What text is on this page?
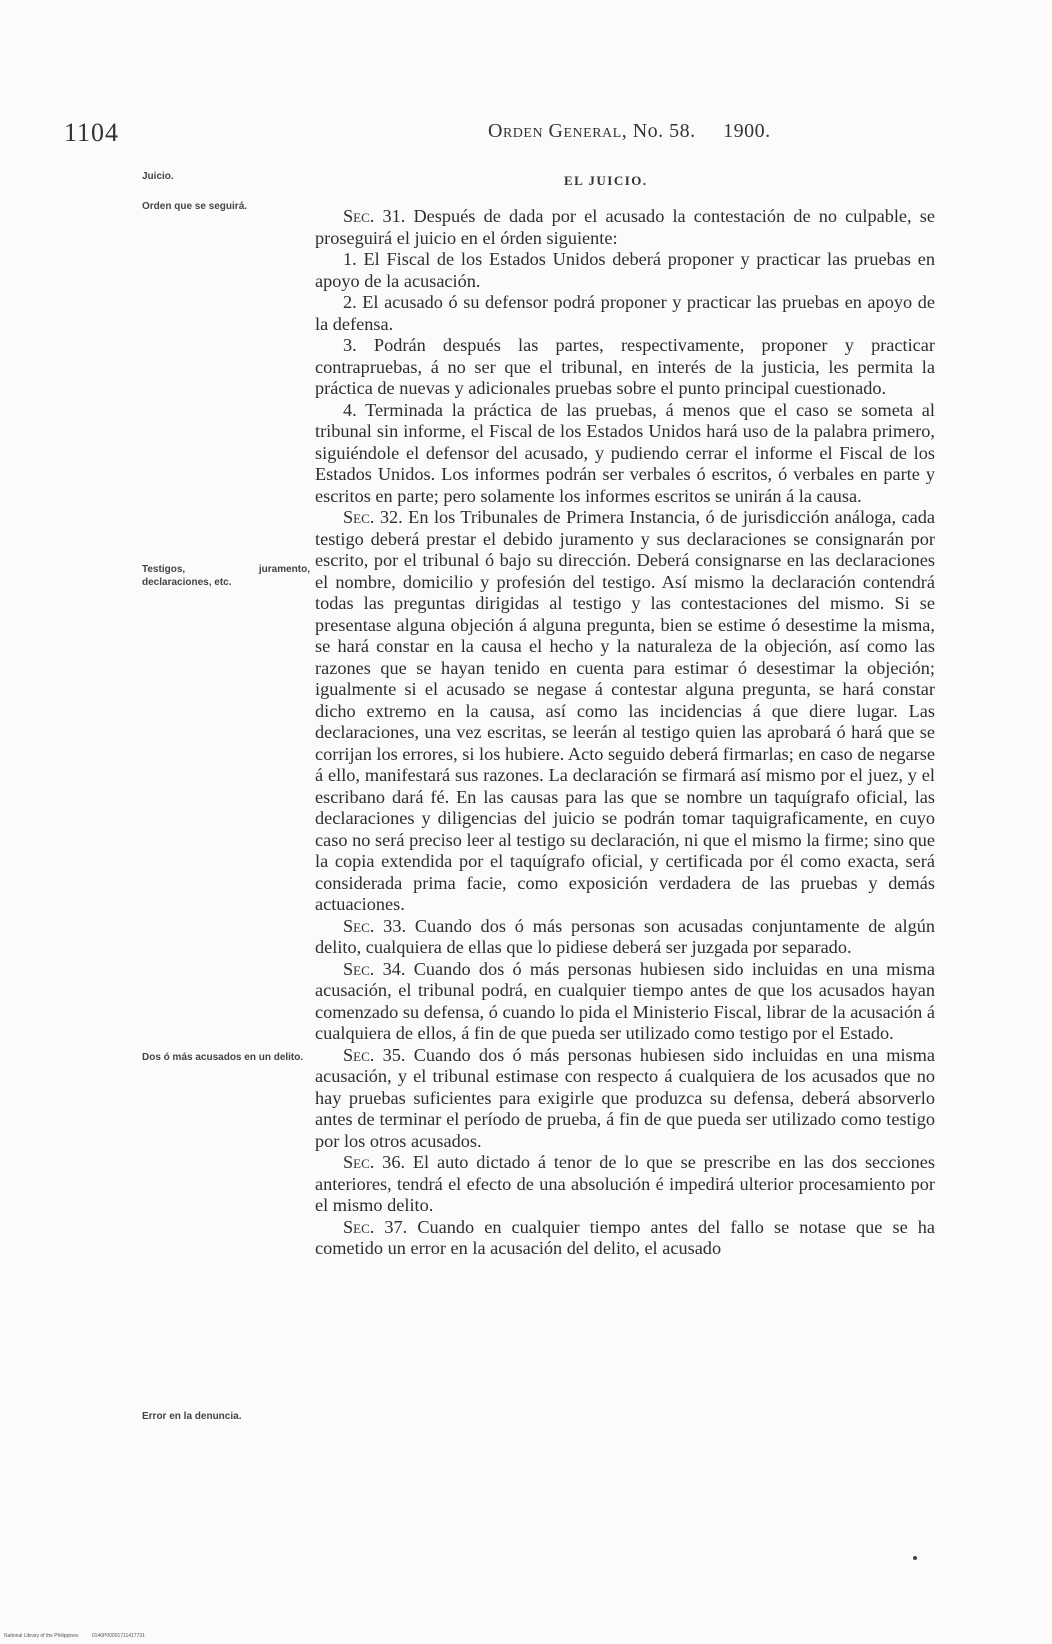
1104	Orden General, No. 58. 1900.
EL JUICIO.
Juicio.
Orden que se seguirá.
Testigos, juramento, declaraciones, etc.
Dos ó más acusados en un delito.
Error en la denuncia.

Sec. 31. Después de dada por el acusado la contestación de no culpable, se proseguirá el juicio en el órden siguiente:

1. El Fiscal de los Estados Unidos deberá proponer y practicar las pruebas en apoyo de la acusación.

2. El acusado ó su defensor podrá proponer y practicar las pruebas en apoyo de la defensa.

3. Podrán después las partes, respectivamente, proponer y practicar contrapruebas, á no ser que el tribunal, en interés de la justicia, les permita la práctica de nuevas y adicionales pruebas sobre el punto principal cuestionado.

4. Terminada la práctica de las pruebas, á menos que el caso se someta al tribunal sin informe, el Fiscal de los Estados Unidos hará uso de la palabra primero, siguiéndole el defensor del acusado, y pudiendo cerrar el informe el Fiscal de los Estados Unidos. Los informes podrán ser verbales ó escritos, ó verbales en parte y escritos en parte; pero solamente los informes escritos se unirán á la causa.

Sec. 32. En los Tribunales de Primera Instancia, ó de jurisdicción análoga, cada testigo deberá prestar el debido juramento y sus declaraciones se consignarán por escrito, por el tribunal ó bajo su dirección. Deberá consignarse en las declaraciones el nombre, domicilio y profesión del testigo. Así mismo la declaración contendrá todas las preguntas dirigidas al testigo y las contestaciones del mismo. Si se presentase alguna objeción á alguna pregunta, bien se estime ó desestime la misma, se hará constar en la causa el hecho y la naturaleza de la objeción, así como las razones que se hayan tenido en cuenta para estimar ó desestimar la objeción; igualmente si el acusado se negase á contestar alguna pregunta, se hará constar dicho extremo en la causa, así como las incidencias á que diere lugar. Las declaraciones, una vez escritas, se leerán al testigo quien las aprobará ó hará que se corrijan los errores, si los hubiere. Acto seguido deberá firmarlas; en caso de negarse á ello, manifestará sus razones. La declaración se firmará así mismo por el juez, y el escribano dará fé. En las causas para las que se nombre un taquígrafo oficial, las declaraciones y diligencias del juicio se podrán tomar taquigraficamente, en cuyo caso no será preciso leer al testigo su declaración, ni que el mismo la firme; sino que la copia extendida por el taquígrafo oficial, y certificada por él como exacta, será considerada prima facie, como exposición verdadera de las pruebas y demás actuaciones.

Sec. 33. Cuando dos ó más personas son acusadas conjuntamente de algún delito, cualquiera de ellas que lo pidiese deberá ser juzgada por separado.

Sec. 34. Cuando dos ó más personas hubiesen sido incluidas en una misma acusación, el tribunal podrá, en cualquier tiempo antes de que los acusados hayan comenzado su defensa, ó cuando lo pida el Ministerio Fiscal, librar de la acusación á cualquiera de ellos, á fin de que pueda ser utilizado como testigo por el Estado.

Sec. 35. Cuando dos ó más personas hubiesen sido incluidas en una misma acusación, y el tribunal estimase con respecto á cualquiera de los acusados que no hay pruebas suficientes para exigirle que produzca su defensa, deberá absorverlo antes de terminar el período de prueba, á fin de que pueda ser utilizado como testigo por los otros acusados.

Sec. 36. El auto dictado á tenor de lo que se prescribe en las dos secciones anteriores, tendrá el efecto de una absolución é impedirá ulterior procesamiento por el mismo delito.

Sec. 37. Cuando en cualquier tiempo antes del fallo se notase que se ha cometido un error en la acusación del delito, el acusado

National Library of the Philippines	0146P00001711417731
